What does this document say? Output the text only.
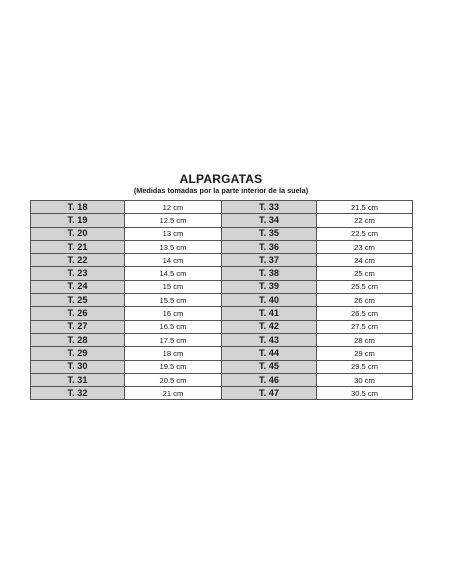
ALPARGATAS
(Medidas tomadas por la parte interior de la suela)
T. 18	12 cm	T. 33	21.5 cm
T. 19	12.5 cm	T. 34	22 cm
T. 20	13 cm	T. 35	22.5 cm
T. 21	13.5 cm	T. 36	23 cm
T. 22	14 cm	T. 37	24 cm
T. 23	14.5 cm	T. 38	25 cm
T. 24	15 cm	T. 39	25.5 cm
T. 25	15.5 cm	T. 40	26 cm
T. 26	16 cm	T. 41	26.5 cm
T. 27	16.5 cm	T. 42	27.5 cm
T. 28	17.5 cm	T. 43	28 cm
T. 29	18 cm	T. 44	29 cm
T. 30	19.5 cm	T. 45	29.5 cm
T. 31	20.5 cm	T. 46	30 cm
T. 32	21 cm	T. 47	30.5 cm
